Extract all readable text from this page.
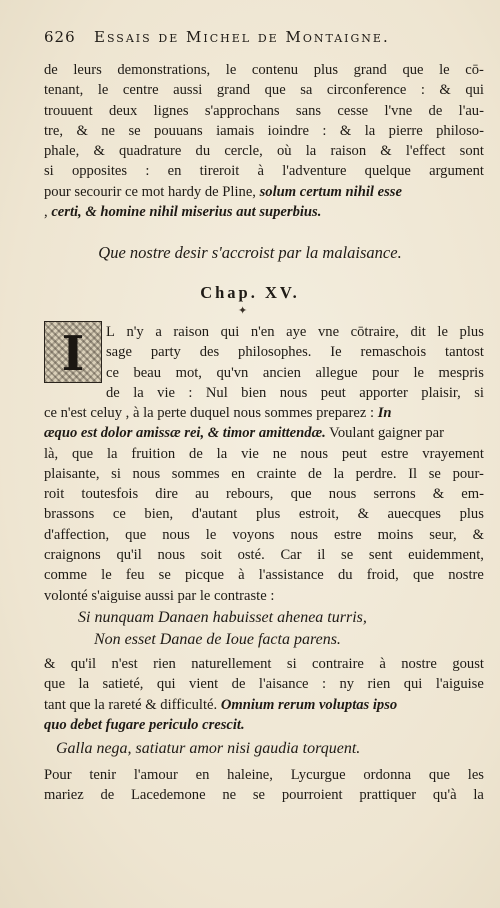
626 Essais de Michel de Montaigne.
de leurs demonstrations, le contenu plus grand que le cō-
tenant, le centre aussi grand que sa circonference : & qui
trouuent deux lignes s'approchans sans cesse l'vne de l'au-
tre, & ne se pouuans iamais ioindre : & la pierre philoso-
phale, & quadrature du cercle, où la raison & l'effect sont
si opposites : en tireroit à l'adventure quelque argument
pour secourir ce mot hardy de Pline, solum certum nihil esse
, certi, & homine nihil miserius aut superbius.
Que nostre desir s'accroist par la malaisance.
Chap. XV.
✦
I	L n'y a raison qui n'en aye vne cōtraire, dit le plus
sage party des philosophes. Ie remaschois tantost
ce beau mot, qu'vn ancien allegue pour le mespris
de la vie : Nul bien nous peut apporter plaisir, si
ce n'est celuy , à la perte duquel nous sommes preparez : In
æquo est dolor amissæ rei, & timor amittendæ. Voulant gaigner par
là, que la fruition de la vie ne nous peut estre vrayement
plaisante, si nous sommes en crainte de la perdre. Il se pour-
roit toutesfois dire au rebours, que nous serrons & em-
brassons ce bien, d'autant plus estroit, & auecques plus
d'affection, que nous le voyons nous estre moins seur, &
craignons qu'il nous soit osté. Car il se sent euidemment,
comme le feu se picque à l'assistance du froid, que nostre
volonté s'aiguise aussi par le contraste :
Si nunquam Danaen habuisset ahenea turris,
Non esset Danae de Ioue facta parens.
& qu'il n'est rien naturellement si contraire à nostre goust
que la satieté, qui vient de l'aisance : ny rien qui l'aiguise
tant que la rareté & difficulté. Omnium rerum voluptas ipso
quo debet fugare periculo crescit.
Galla nega, satiatur amor nisi gaudia torquent.
Pour tenir l'amour en haleine, Lycurgue ordonna que les
mariez de Lacedemone ne se pourroient prattiquer qu'à la
